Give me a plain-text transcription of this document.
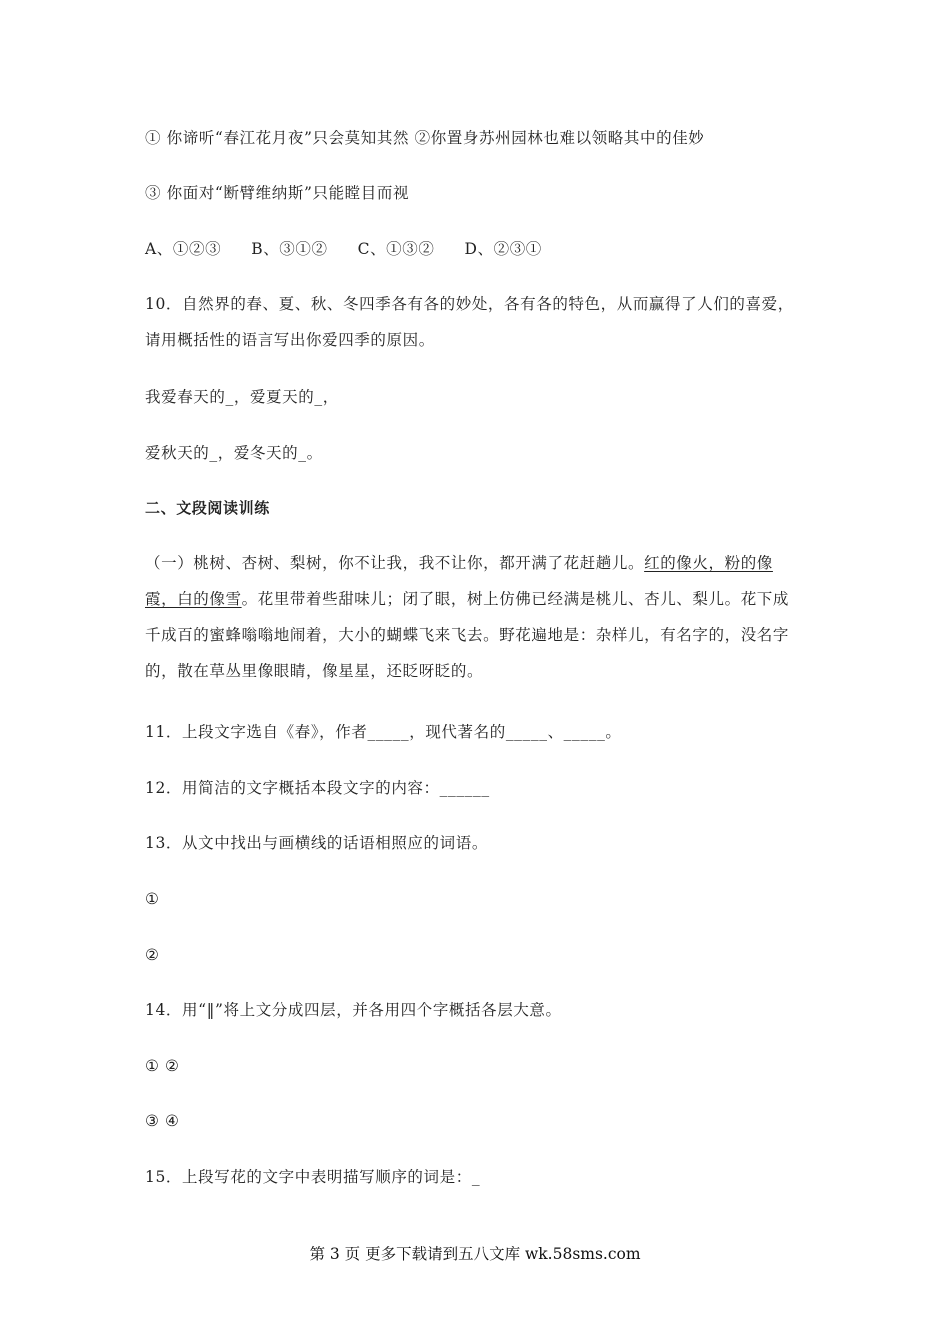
① 你谛听“春江花月夜”只会莫知其然 ②你置身苏州园林也难以领略其中的佳妙
③ 你面对“断臂维纳斯”只能瞠目而视
A、①②③ B、③①② C、①③② D、②③①
10．自然界的春、夏、秋、冬四季各有各的妙处，各有各的特色，从而赢得了人们的喜爱，请用概括性的语言写出你爱四季的原因。
我爱春天的_，爱夏天的_，
爱秋天的_，爱冬天的_。
二、文段阅读训练
（一）桃树、杏树、梨树，你不让我，我不让你，都开满了花赶趟儿。红的像火，粉的像霞，白的像雪。花里带着些甜味儿；闭了眼，树上仿佛已经满是桃儿、杏儿、梨儿。花下成千成百的蜜蜂嗡嗡地闹着，大小的蝴蝶飞来飞去。野花遍地是：杂样儿，有名字的，没名字的，散在草丛里像眼睛，像星星，还眨呀眨的。
11．上段文字选自《春》，作者_____，现代著名的_____、_____。
12．用简洁的文字概括本段文字的内容：______
13．从文中找出与画横线的话语相照应的词语。
①
②
14．用“‖”将上文分成四层，并各用四个字概括各层大意。
① ②
③ ④
15．上段写花的文字中表明描写顺序的词是：_
第 3 页 更多下载请到五八文库 wk.58sms.com
